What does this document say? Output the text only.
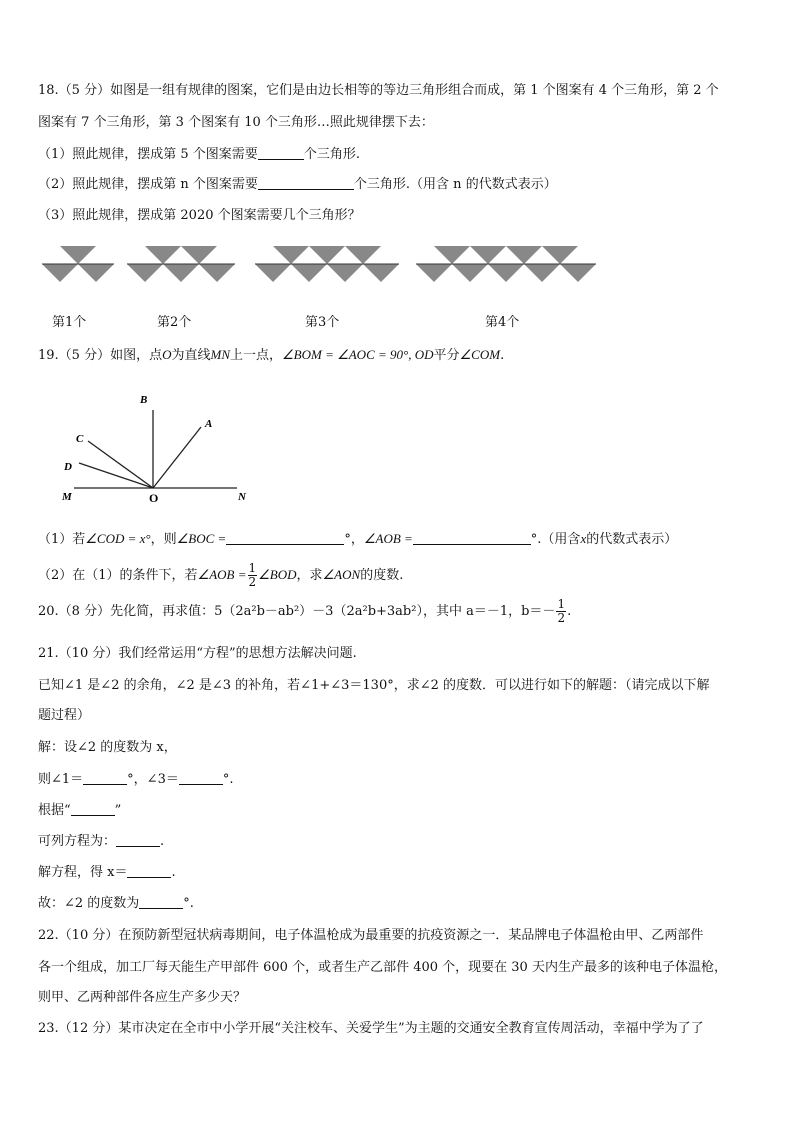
18.（5 分）如图是一组有规律的图案，它们是由边长相等的等边三角形组合而成，第 1 个图案有 4 个三角形，第 2 个
图案有 7 个三角形，第 3 个图案有 10 个三角形…照此规律摆下去：
（1）照此规律，摆成第 5 个图案需要	个三角形.
（2）照此规律，摆成第 n 个图案需要	个三角形.（用含 n 的代数式表示）
（3）照此规律，摆成第 2020 个图案需要几个三角形？
第1个	第2个	第3个	第4个
19.（5 分）如图，点O为直线MN上一点，∠BOM = ∠AOC = 90°, OD平分∠COM.
B
A
C
D
M	O	N
（1）若∠COD = x°，则∠BOC =	°，∠AOB =	°.（用含x的代数式表示）
（2）在（1）的条件下，若∠AOB = $\frac{1}{2}$ ∠BOD，求∠AON的度数.
20.（8 分）先化简，再求值：5（2a²b－ab²）－3（2a²b+3ab²），其中 a＝－1，$b=- \frac{1}{2}$ .
21.（10 分）我们经常运用“方程”的思想方法解决问题.
已知∠1 是∠2 的余角，∠2 是∠3 的补角，若∠1+∠3＝130°，求∠2 的度数．可以进行如下的解题：（请完成以下解
题过程）
解：设∠2 的度数为 x，
则∠1＝	°，∠3＝	°.
根据“	”
可列方程为：	.
解方程，得 x＝	.
故：∠2 的度数为	°.
22.（10 分）在预防新型冠状病毒期间，电子体温枪成为最重要的抗疫资源之一．某品牌电子体温枪由甲、乙两部件
各一个组成，加工厂每天能生产甲部件 600 个，或者生产乙部件 400 个，现要在 30 天内生产最多的该种电子体温枪，
则甲、乙两种部件各应生产多少天？
23.（12 分）某市决定在全市中小学开展“关注校车、关爱学生”为主题的交通安全教育宣传周活动，幸福中学为了了
